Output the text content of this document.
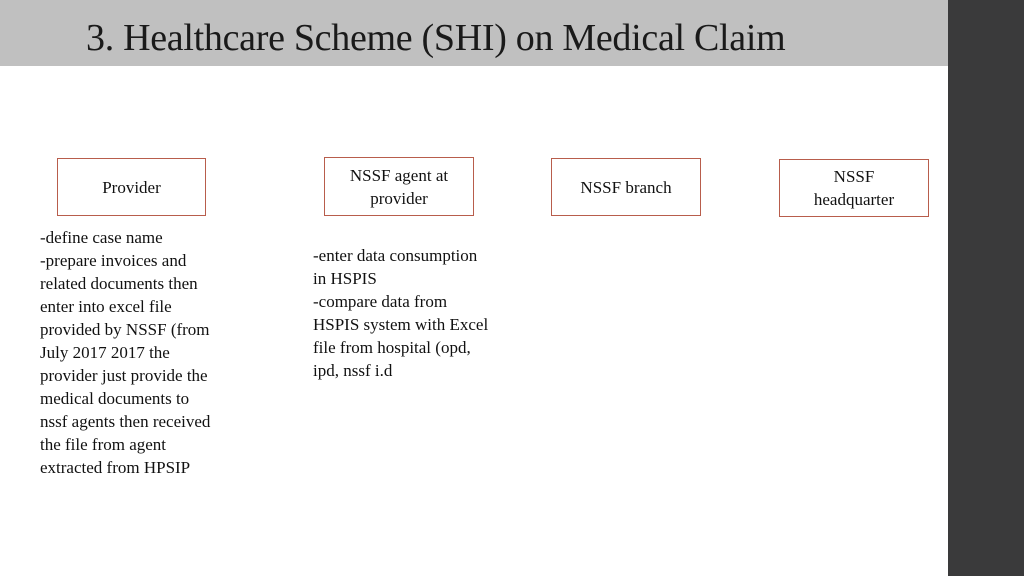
3. Healthcare Scheme (SHI) on Medical Claim
Provider
NSSF agent at provider
NSSF branch
NSSF headquarter
-define case name
-prepare invoices and related documents then enter into excel file provided by NSSF (from July 2017 2017 the provider just provide the medical documents to nssf agents then received the file from agent extracted from HPSIP
-enter data consumption in HSPIS
-compare data from HSPIS system with Excel file from hospital (opd, ipd, nssf i.d
